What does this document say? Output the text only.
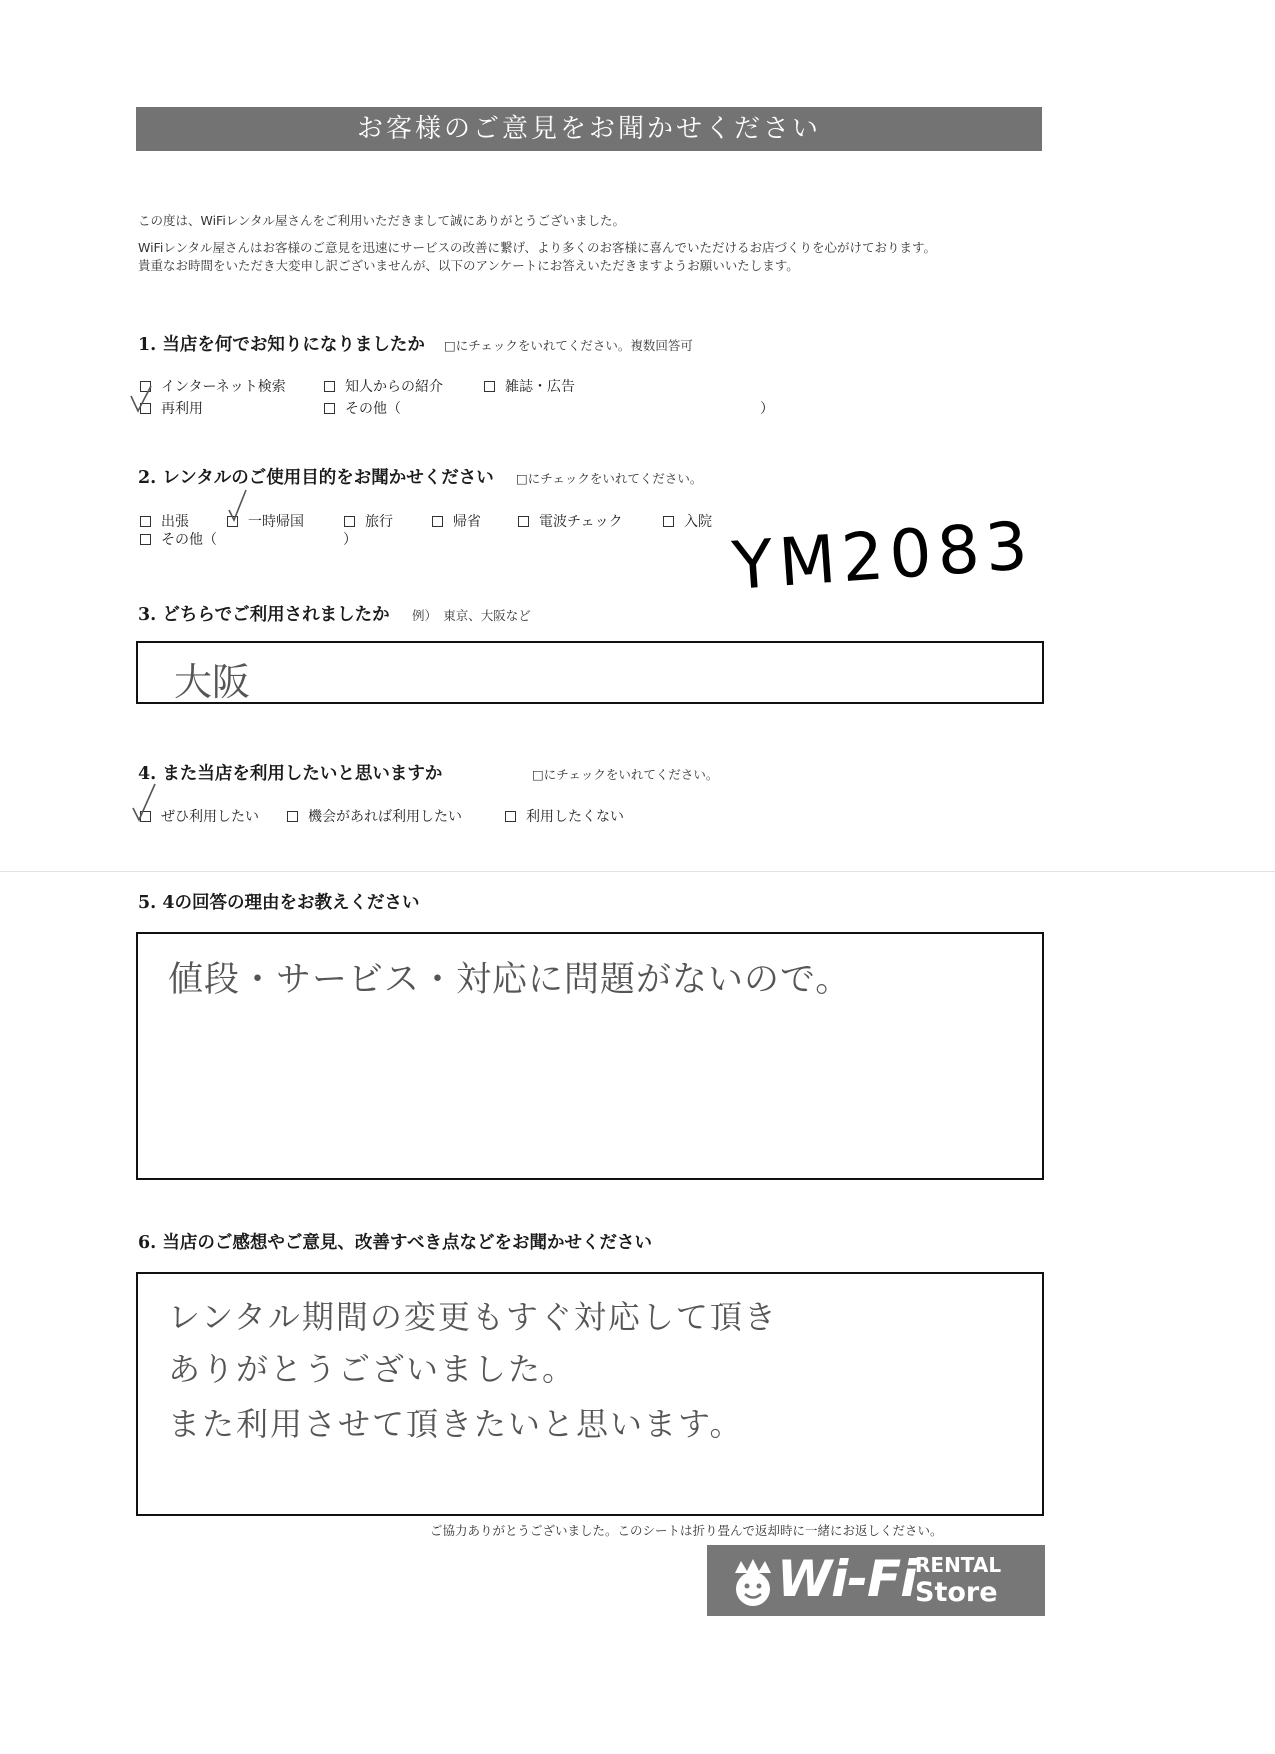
お客様のご意見をお聞かせください
この度は、WiFiレンタル屋さんをご利用いただきまして誠にありがとうございました。
WiFiレンタル屋さんはお客様のご意見を迅速にサービスの改善に繋げ、より多くのお客様に喜んでいただけるお店づくりを心がけております。
貴重なお時間をいただき大変申し訳ございませんが、以下のアンケートにお答えいただきますようお願いいたします。
1. 当店を何でお知りになりましたか □にチェックをいれてください。複数回答可
インターネット検索	知人からの紹介	雑誌・広告
再利用	その他（	）
2. レンタルのご使用目的をお聞かせください □にチェックをいれてください。
出張	一時帰国	旅行	帰省	電波チェック	入院
その他（	）	YM2083
3. どちらでご利用されましたか 例）　東京、大阪など
大阪
4. また当店を利用したいと思いますか	□にチェックをいれてください。
ぜひ利用したい	機会があれば利用したい	利用したくない
5. 4の回答の理由をお教えください
値段・サービス・対応に問題がないので。
6. 当店のご感想やご意見、改善すべき点などをお聞かせください
レンタル期間の変更もすぐ対応して頂き
ありがとうございました。
また利用させて頂きたいと思います。
ご協力ありがとうございました。このシートは折り畳んで返却時に一緒にお返しください。
Wi-Fi
RENTAL
Store
